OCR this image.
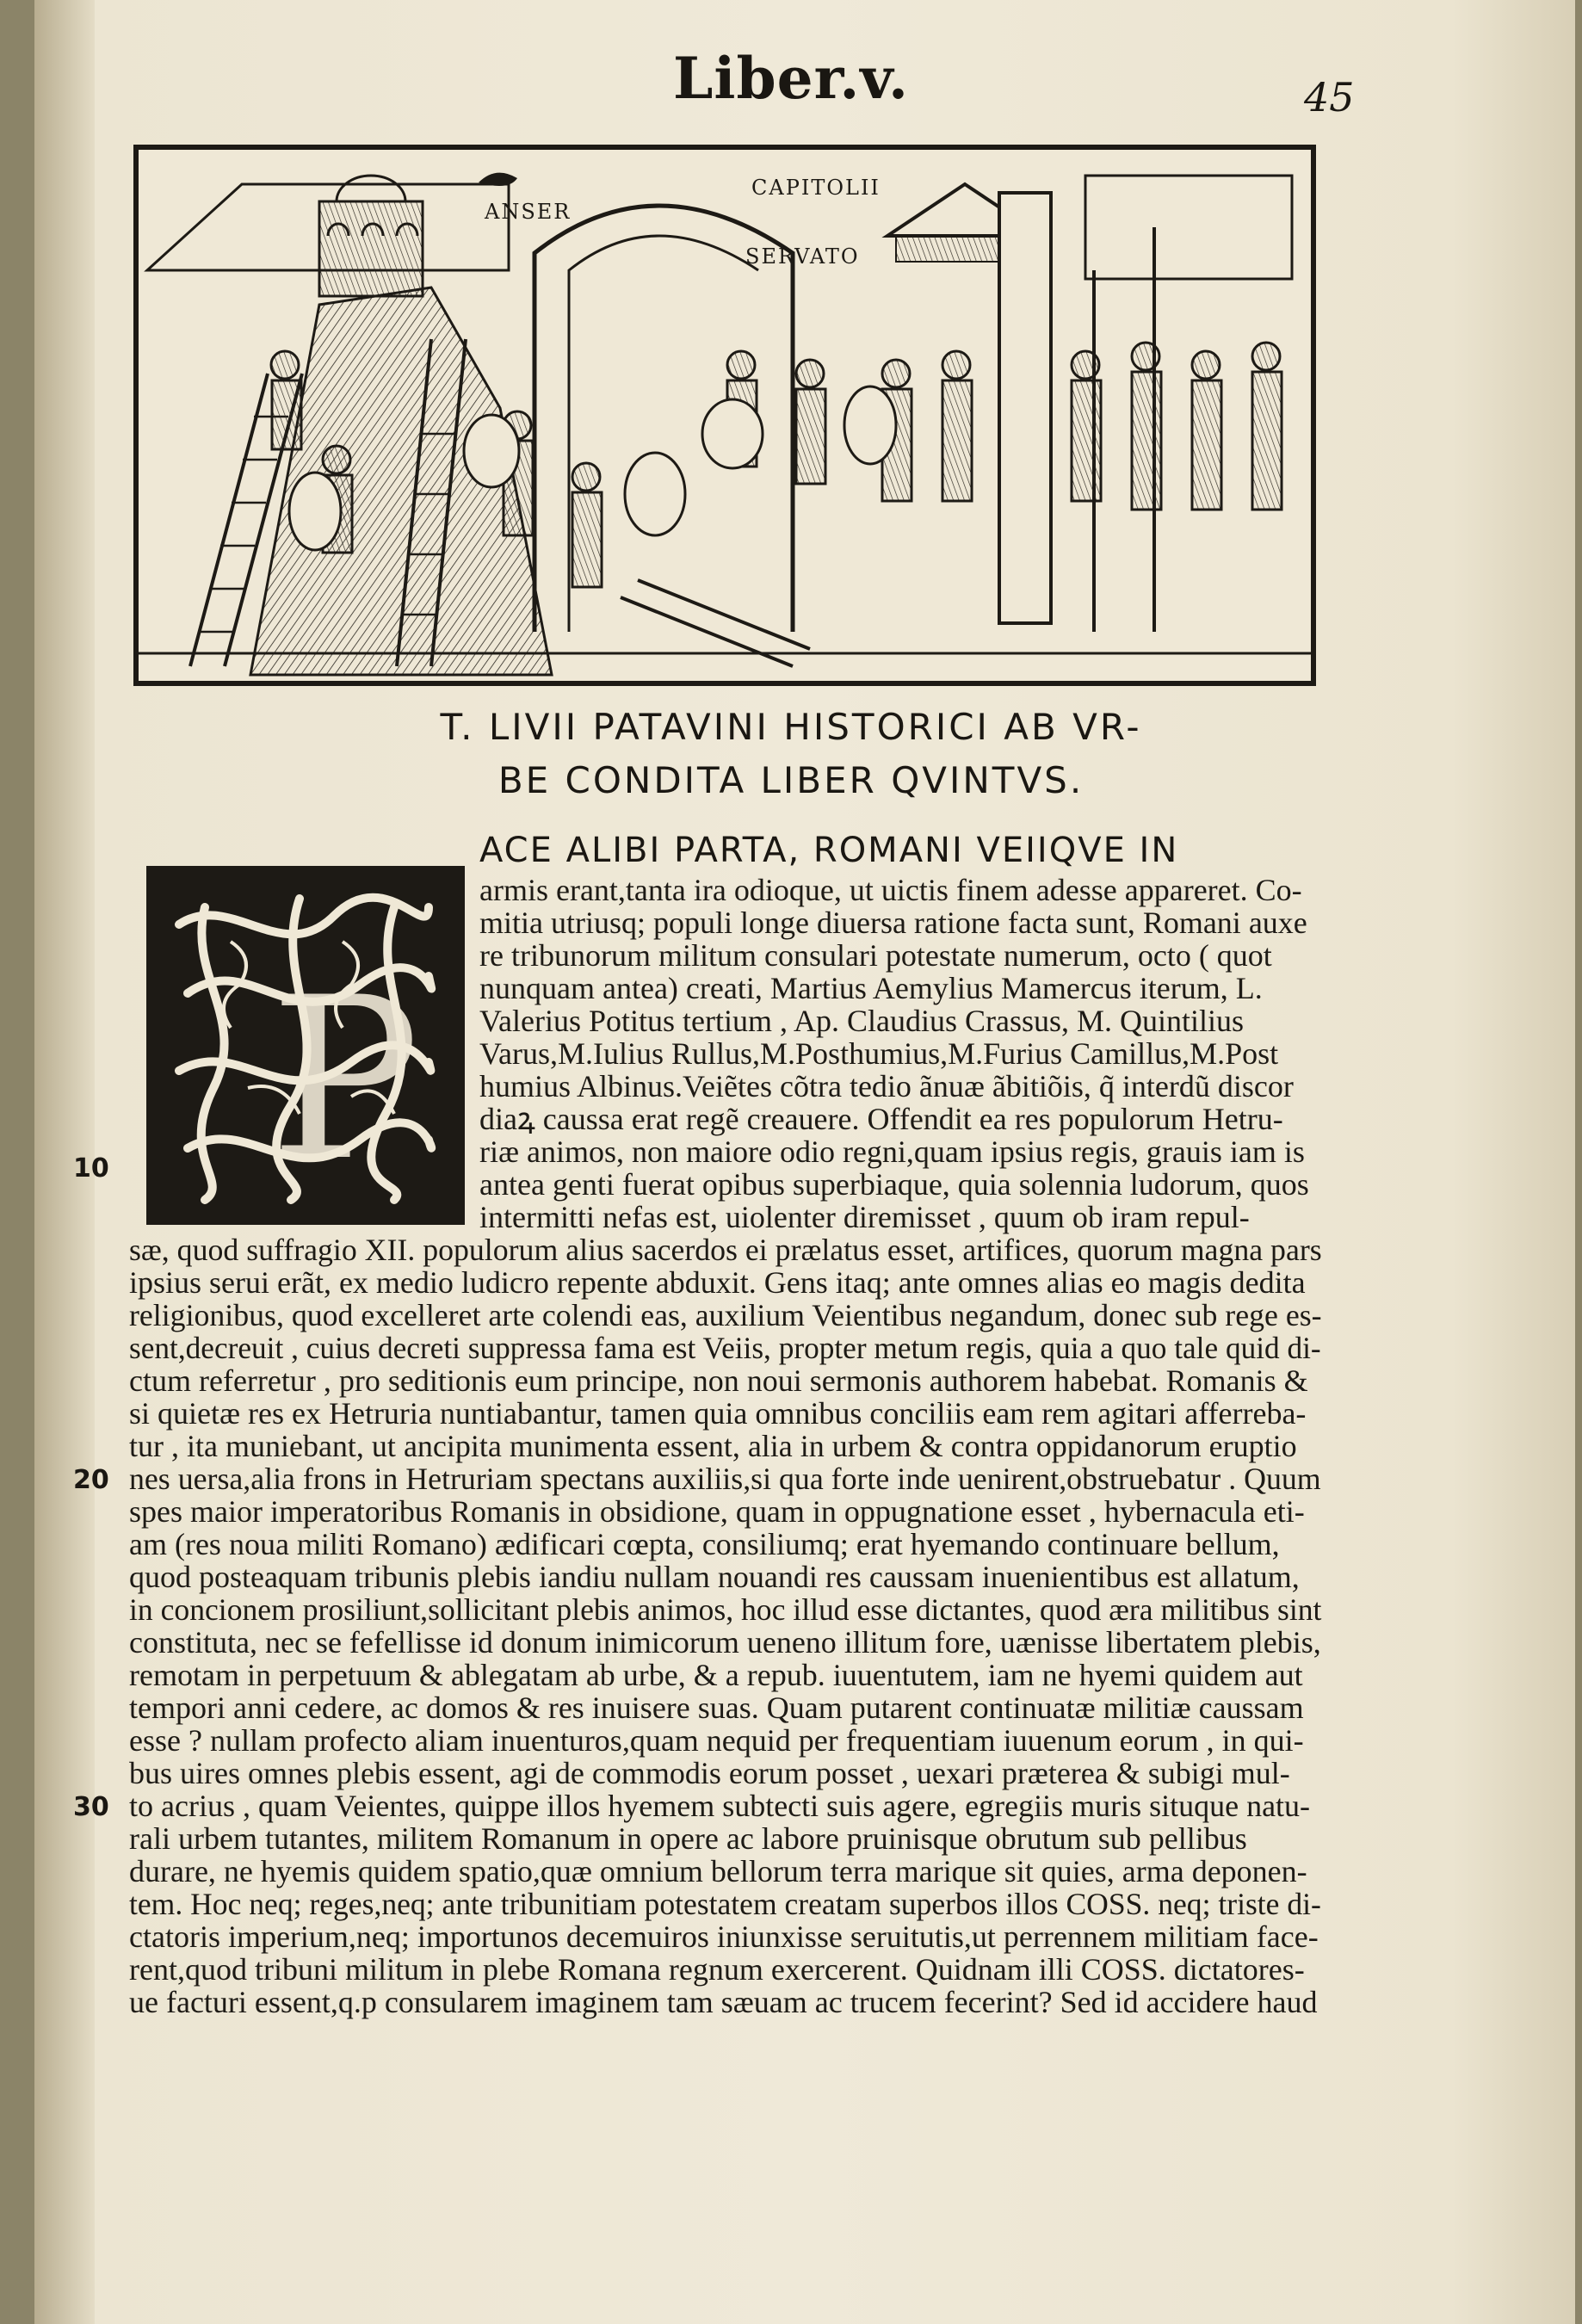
Liber.v.	45
ANSER
CAPITOLII
SERVATO
T. LIVII PATAVINI HISTORICI AB VR-
BE CONDITA LIBER QVINTVS.
P
ACE ALIBI PARTA, ROMANI VEIIQVE IN
armis erant,tanta ira odioque, ut uictis finem adesse appareret. Co-
mitia utriusq; populi longe diuersa ratione facta sunt, Romani auxe
re tribunorum militum consulari potestate numerum, octo ( quot
nunquam antea) creati, Martius Aemylius Mamercus iterum, L.
Valerius Potitus tertium , Ap. Claudius Crassus, M. Quintilius
Varus,M.Iulius Rullus,M.Posthumius,M.Furius Camillus,M.Post
humius Albinus.Veiẽtes cõtra tedio ãnuæ ãbitiõis, q̃ interdũ discor
diaꝝ caussa erat regẽ creauere. Offendit ea res populorum Hetru-
riæ animos, non maiore odio regni,quam ipsius regis, grauis iam is
antea genti fuerat opibus superbiaque, quia solennia ludorum, quos
intermitti nefas est, uiolenter diremisset , quum ob iram repul-
sæ, quod suffragio XII. populorum alius sacerdos ei prælatus esset, artifices, quorum magna pars
ipsius serui erãt, ex medio ludicro repente abduxit. Gens itaq; ante omnes alias eo magis dedita
religionibus, quod excelleret arte colendi eas, auxilium Veientibus negandum, donec sub rege es-
sent,decreuit , cuius decreti suppressa fama est Veiis, propter metum regis, quia a quo tale quid di-
ctum referretur , pro seditionis eum principe, non noui sermonis authorem habebat. Romanis &
si quietæ res ex Hetruria nuntiabantur, tamen quia omnibus conciliis eam rem agitari afferreba-
tur , ita muniebant, ut ancipita munimenta essent, alia in urbem & contra oppidanorum eruptio
nes uersa,alia frons in Hetruriam spectans auxiliis,si qua forte inde uenirent,obstruebatur . Quum
spes maior imperatoribus Romanis in obsidione, quam in oppugnatione esset , hybernacula eti-
am (res noua militi Romano) ædificari cœpta, consiliumq; erat hyemando continuare bellum,
quod posteaquam tribunis plebis iandiu nullam nouandi res caussam inuenientibus est allatum,
in concionem prosiliunt,sollicitant plebis animos, hoc illud esse dictantes, quod æra militibus sint
constituta, nec se fefellisse id donum inimicorum ueneno illitum fore, uænisse libertatem plebis,
remotam in perpetuum & ablegatam ab urbe, & a repub. iuuentutem, iam ne hyemi quidem aut
tempori anni cedere, ac domos & res inuisere suas. Quam putarent continuatæ militiæ caussam
esse ? nullam profecto aliam inuenturos,quam nequid per frequentiam iuuenum eorum , in qui-
bus uires omnes plebis essent, agi de commodis eorum posset , uexari præterea & subigi mul-
to acrius , quam Veientes, quippe illos hyemem subtecti suis agere, egregiis muris situque natu-
rali urbem tutantes, militem Romanum in opere ac labore pruinisque obrutum sub pellibus
durare, ne hyemis quidem spatio,quæ omnium bellorum terra marique sit quies, arma deponen-
tem. Hoc neq; reges,neq; ante tribunitiam potestatem creatam superbos illos COSS. neq; triste di-
ctatoris imperium,neq; importunos decemuiros iniunxisse seruitutis,ut perrennem militiam face-
rent,quod tribuni militum in plebe Romana regnum exercerent. Quidnam illi COSS. dictatores-
ue facturi essent,q.p consularem imaginem tam sæuam ac trucem fecerint? Sed id accidere haud
10
20
30
